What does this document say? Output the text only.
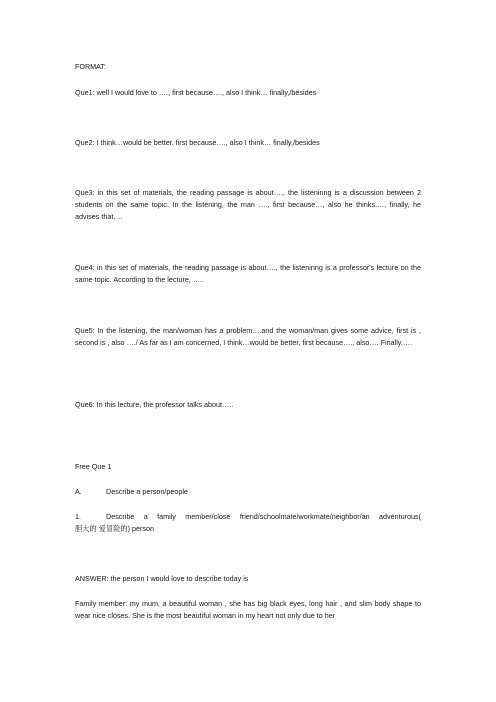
FORMAT:

Que1: well I would love to …., first because…., also I think… finally,/besides

Que2: I think…would be better. first because…., also I think… finally,/besides

Que3: in this set of materials, the reading passage is about…., the listeninng is a discussion between 2 students on the same topic. In the listening, the man …., first because…, also he thinks…., finally, he advises that….

Que4: in this set of materials, the reading passage is about…., the listeninng is a professor's lecture on the same topic. According to the lecture, …..

Que5: In the listening, the man/woman has a problem….and the woman/man gives some advice, first is , second is , also …./ As far as I am concerned, I think…would be better, first because…., also…. Finally,….

Que6: In this lecture, the professor talks about…..

Free Que 1

A.	Describe a person/people
1.	Describe a family member/close friend/schoolmate/workmate/neighbor/an adventurous(

胆大的 爱冒险的) person

ANSWER: the person I would love to describe today is

Family member: my mum, a beautiful woman , she has big black eyes, long hair , and slim body shape to wear nice closes. She is the most beautiful woman in my heart not only due to her
